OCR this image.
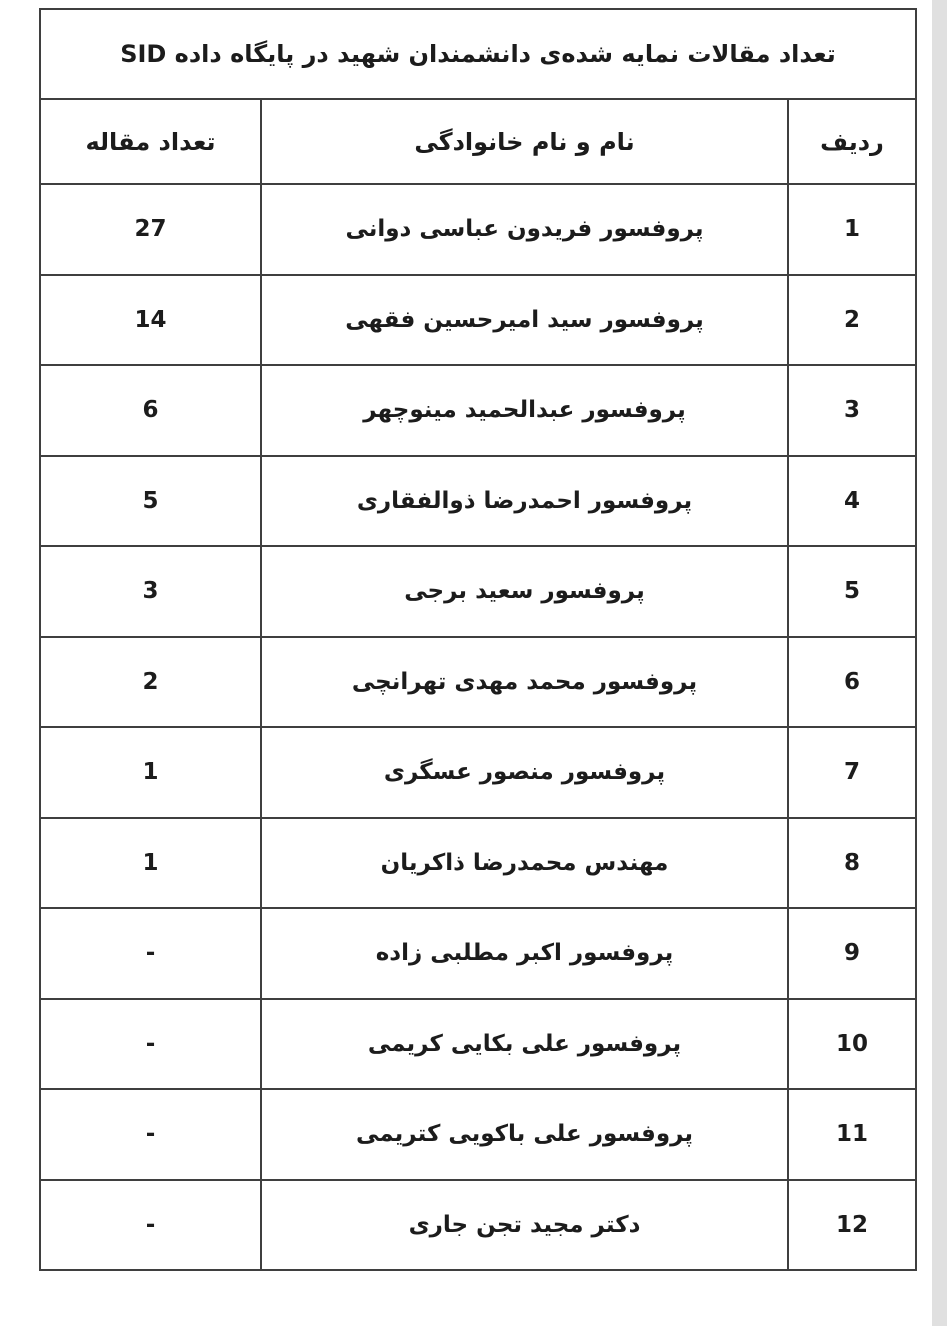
تعداد مقالات نمایه شده‌ی دانشمندان شهید در پایگاه داده SID		
ردیف	نام و نام خانوادگی	تعداد مقاله
1	پروفسور فریدون عباسی دوانی	27
2	پروفسور سید امیرحسین فقهی	14
3	پروفسور عبدالحمید مینوچهر	6
4	پروفسور احمدرضا ذوالفقاری	5
5	پروفسور سعید برجی	3
6	پروفسور محمد مهدی تهرانچی	2
7	پروفسور منصور عسگری	1
8	مهندس محمدرضا ذاکریان	1
9	پروفسور اکبر مطلبی زاده	-
10	پروفسور علی بکایی کریمی	-
11	پروفسور علی باکویی کتریمی	-
12	دکتر مجید تجن جاری	-
